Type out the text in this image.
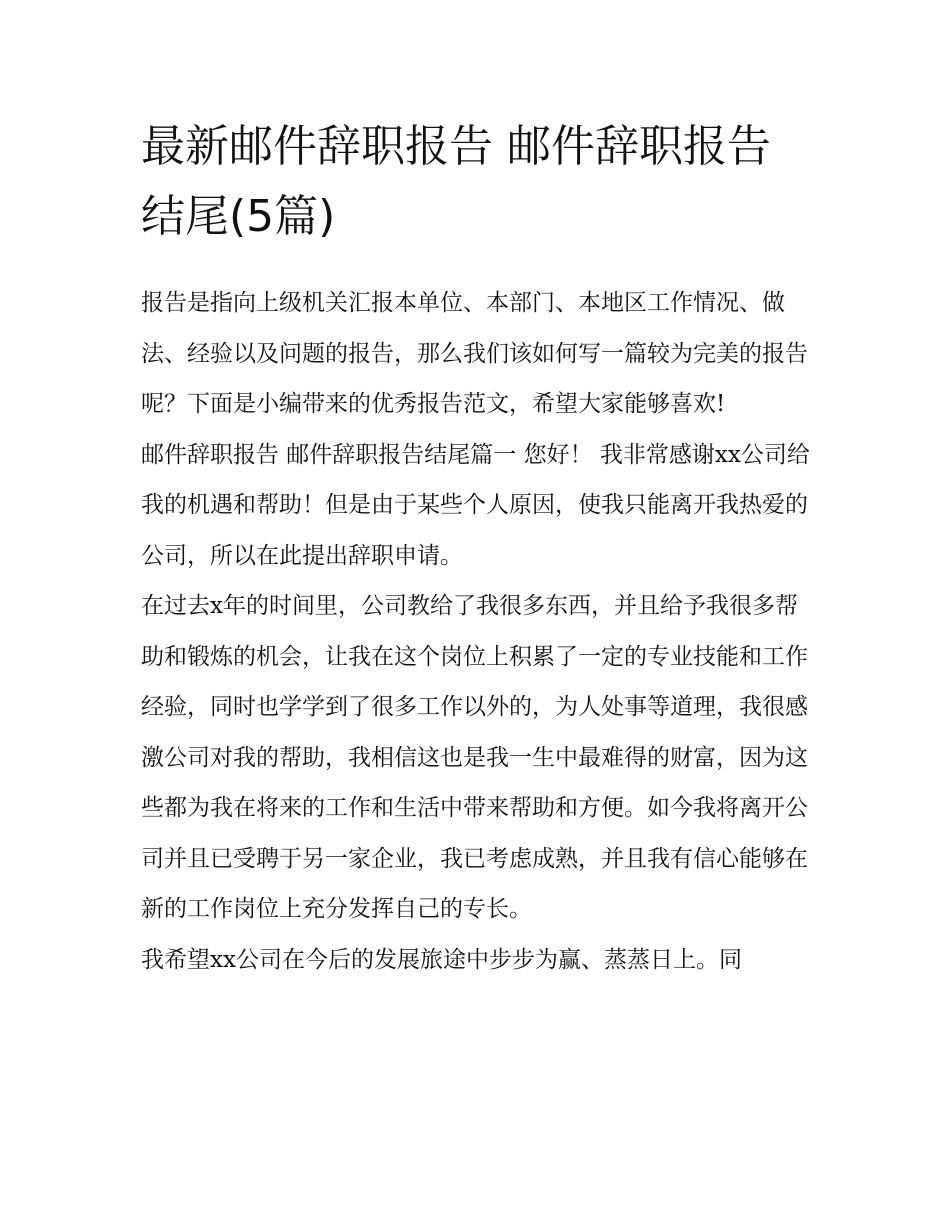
最新邮件辞职报告 邮件辞职报告结尾(5篇)

报告是指向上级机关汇报本单位、本部门、本地区工作情况、做法、经验以及问题的报告，那么我们该如何写一篇较为完美的报告呢？下面是小编带来的优秀报告范文，希望大家能够喜欢!

邮件辞职报告 邮件辞职报告结尾篇一 您好！ 我非常感谢xx公司给我的机遇和帮助！但是由于某些个人原因，使我只能离开我热爱的公司，所以在此提出辞职申请。

在过去x年的时间里，公司教给了我很多东西，并且给予我很多帮助和锻炼的机会，让我在这个岗位上积累了一定的专业技能和工作经验，同时也学学到了很多工作以外的，为人处事等道理，我很感激公司对我的帮助，我相信这也是我一生中最难得的财富，因为这些都为我在将来的工作和生活中带来帮助和方便。如今我将离开公司并且已受聘于另一家企业，我已考虑成熟，并且我有信心能够在新的工作岗位上充分发挥自己的专长。

我希望xx公司在今后的发展旅途中步步为赢、蒸蒸日上。同
